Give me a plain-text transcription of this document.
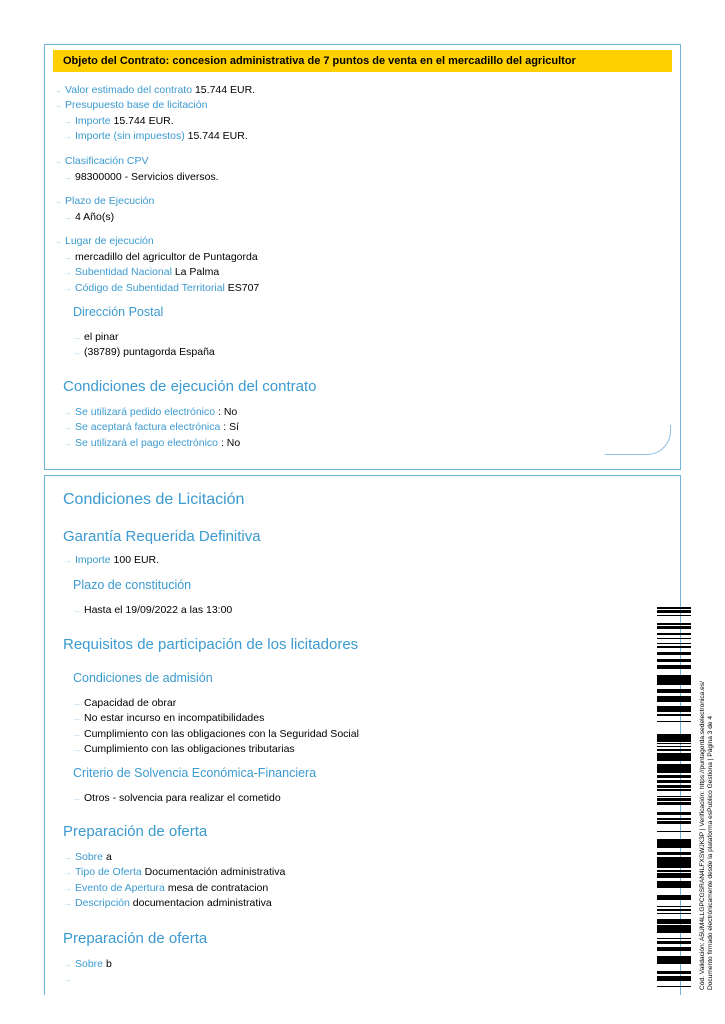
Objeto del Contrato: concesion administrativa de 7 puntos de venta en el mercadillo del agricultor
→ Valor estimado del contrato 15.744 EUR.
→ Presupuesto base de licitación
→ Importe 15.744 EUR.
→ Importe (sin impuestos) 15.744 EUR.
→ Clasificación CPV
→ 98300000 - Servicios diversos.
→ Plazo de Ejecución
→ 4 Año(s)
→ Lugar de ejecución
→ mercadillo del agricultor de Puntagorda
→ Subentidad Nacional La Palma
→ Código de Subentidad Territorial ES707
Dirección Postal
→ el pinar
→ (38789) puntagorda España
Condiciones de ejecución del contrato
→ Se utilizará pedido electrónico : No
→ Se aceptará factura electrónica : Sí
→ Se utilizará el pago electrónico : No
Condiciones de Licitación
Garantía Requerida Definitiva
→ Importe 100 EUR.
Plazo de constitución
→ Hasta el 19/09/2022 a las 13:00
Requisitos de participación de los licitadores
Condiciones de admisión
→ Capacidad de obrar
→ No estar incurso en incompatibilidades
→ Cumplimiento con las obligaciones con la Seguridad Social
→ Cumplimiento con las obligaciones tributarias
Criterio de Solvencia Económica-Financiera
→ Otros - solvencia para realizar el cometido
Preparación de oferta
→ Sobre a
→ Tipo de Oferta Documentación administrativa
→ Evento de Apertura mesa de contratacion
→ Descripción documentacion administrativa
Preparación de oferta
→ Sobre b
→	Cód. Validación: A5UM4LLGPCGSRAN4LFXSWJK3P | Verificación: https://puntagorda.sedelectronica.es/ Documento firmado electrónicamente desde la plataforma esPublico Gestiona | Página 3 de 4
